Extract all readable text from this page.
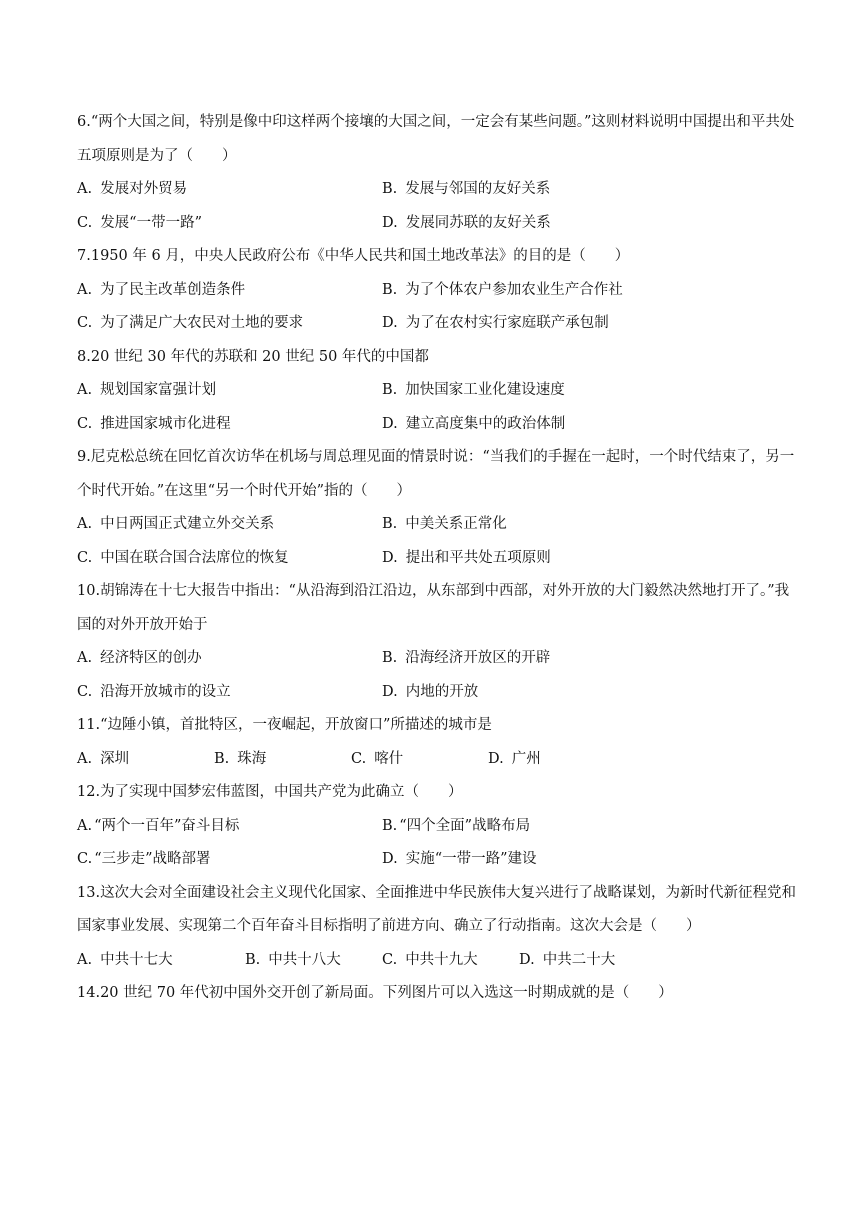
6.“两个大国之间，特别是像中印这样两个接壤的大国之间，一定会有某些问题。”这则材料说明中国提出和平共处五项原则是为了（　　）

A. 发展对外贸易	B. 发展与邻国的友好关系
C. 发展“一带一路”	D. 发展同苏联的友好关系

7.1950 年 6 月，中央人民政府公布《中华人民共和国土地改革法》的目的是（　　）

A. 为了民主改革创造条件	B. 为了个体农户参加农业生产合作社
C. 为了满足广大农民对土地的要求	D. 为了在农村实行家庭联产承包制

8.20 世纪 30 年代的苏联和 20 世纪 50 年代的中国都

A. 规划国家富强计划	B. 加快国家工业化建设速度
C. 推进国家城市化进程	D. 建立高度集中的政治体制

9.尼克松总统在回忆首次访华在机场与周总理见面的情景时说：“当我们的手握在一起时，一个时代结束了，另一个时代开始。”在这里“另一个时代开始”指的（　　）

A. 中日两国正式建立外交关系	B. 中美关系正常化
C. 中国在联合国合法席位的恢复	D. 提出和平共处五项原则

10.胡锦涛在十七大报告中指出：“从沿海到沿江沿边，从东部到中西部，对外开放的大门毅然决然地打开了。”我国的对外开放开始于

A. 经济特区的创办	B. 沿海经济开放区的开辟
C. 沿海开放城市的设立	D. 内地的开放

11.“边陲小镇，首批特区，一夜崛起，开放窗口”所描述的城市是

A. 深圳	B. 珠海	C. 喀什	D. 广州

12.为了实现中国梦宏伟蓝图，中国共产党为此确立（　　）

A. “两个一百年”奋斗目标	B. “四个全面”战略布局
C. “三步走”战略部署	D. 实施“一带一路”建设

13.这次大会对全面建设社会主义现代化国家、全面推进中华民族伟大复兴进行了战略谋划，为新时代新征程党和国家事业发展、实现第二个百年奋斗目标指明了前进方向、确立了行动指南。这次大会是（　　）

A. 中共十七大	B. 中共十八大	C. 中共十九大	D. 中共二十大

14.20 世纪 70 年代初中国外交开创了新局面。下列图片可以入选这一时期成就的是（　　）
